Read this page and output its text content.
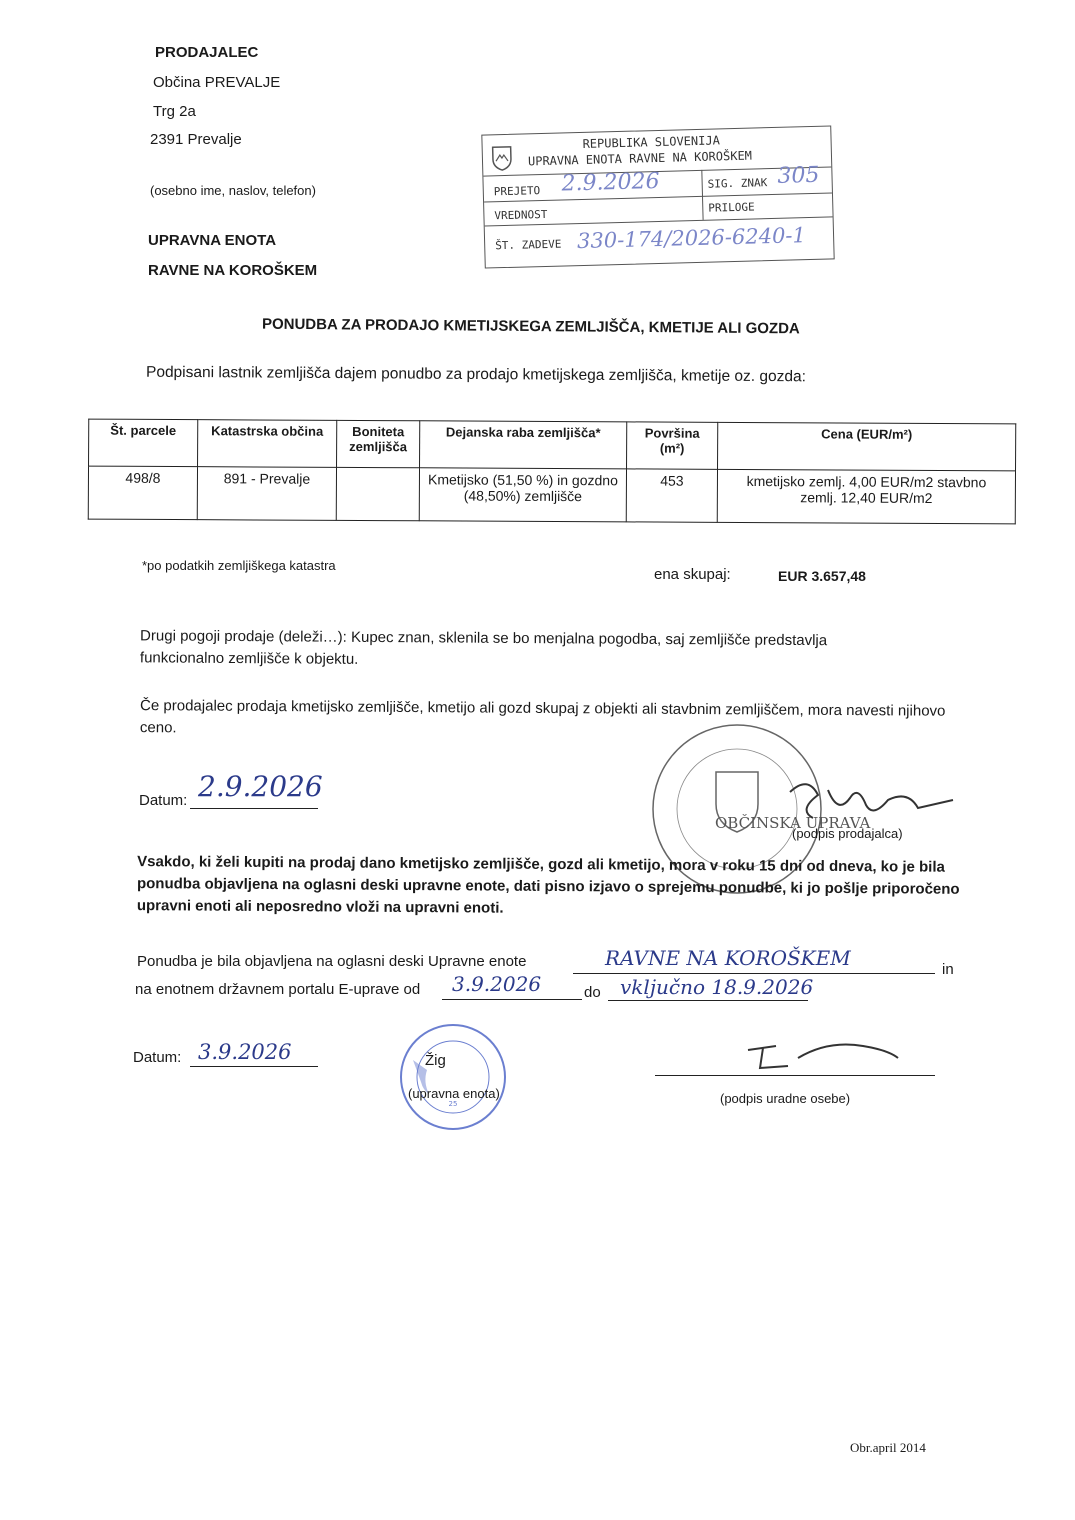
PRODAJALEC
Občina PREVALJE
Trg 2a
2391 Prevalje
(osebno ime, naslov, telefon)
UPRAVNA ENOTA
RAVNE NA KOROŠKEM
REPUBLIKA SLOVENIJA
UPRAVNA ENOTA RAVNE NA KOROŠKEM
PREJETO 2.9.2026	SIG. ZNAK 305
VREDNOST
PRILOGE
ŠT. ZADEVE 330-174/2026-6240-1
PONUDBA ZA PRODAJO KMETIJSKEGA ZEMLJIŠČA, KMETIJE ALI GOZDA
Podpisani lastnik zemljišča dajem ponudbo za prodajo kmetijskega zemljišča, kmetije oz. gozda:
Št. parcele	Katastrska občina	Boniteta zemljišča	Dejanska raba zemljišča*	Površina (m²)	Cena (EUR/m²)
498/8	891 - Prevalje		Kmetijsko (51,50 %) in gozdno (48,50%) zemljišče	453	kmetijsko zemlj. 4,00 EUR/m2 stavbno zemlj. 12,40 EUR/m2
*po podatkih zemljiškega katastra
ena skupaj:	EUR 3.657,48
Drugi pogoji prodaje (deleži…): Kupec znan, sklenila se bo menjalna pogodba, saj zemljišče predstavlja funkcionalno zemljišče k objektu.
Če prodajalec prodaja kmetijsko zemljišče, kmetijo ali gozd skupaj z objekti ali stavbnim zemljiščem, mora navesti njihovo ceno.
Datum: 2.9.2026
OBČINSKA UPRAVA
(podpis prodajalca)
Vsakdo, ki želi kupiti na prodaj dano kmetijsko zemljišče, gozd ali kmetijo, mora v roku 15 dni od dneva, ko je bila ponudba objavljena na oglasni deski upravne enote, dati pisno izjavo o sprejemu ponudbe, ki jo pošlje priporočeno upravni enoti ali neposredno vloži na upravni enoti.
Ponudba je bila objavljena na oglasni deski Upravne enote	RAVNE NA KOROŠKEM	in
na enotnem državnem portalu E-uprave od 3.9.2026	do vključno 18.9.2026
Datum: 3.9.2026
25
Žig
(upravna enota)	(podpis uradne osebe)
Obr.april 2014
